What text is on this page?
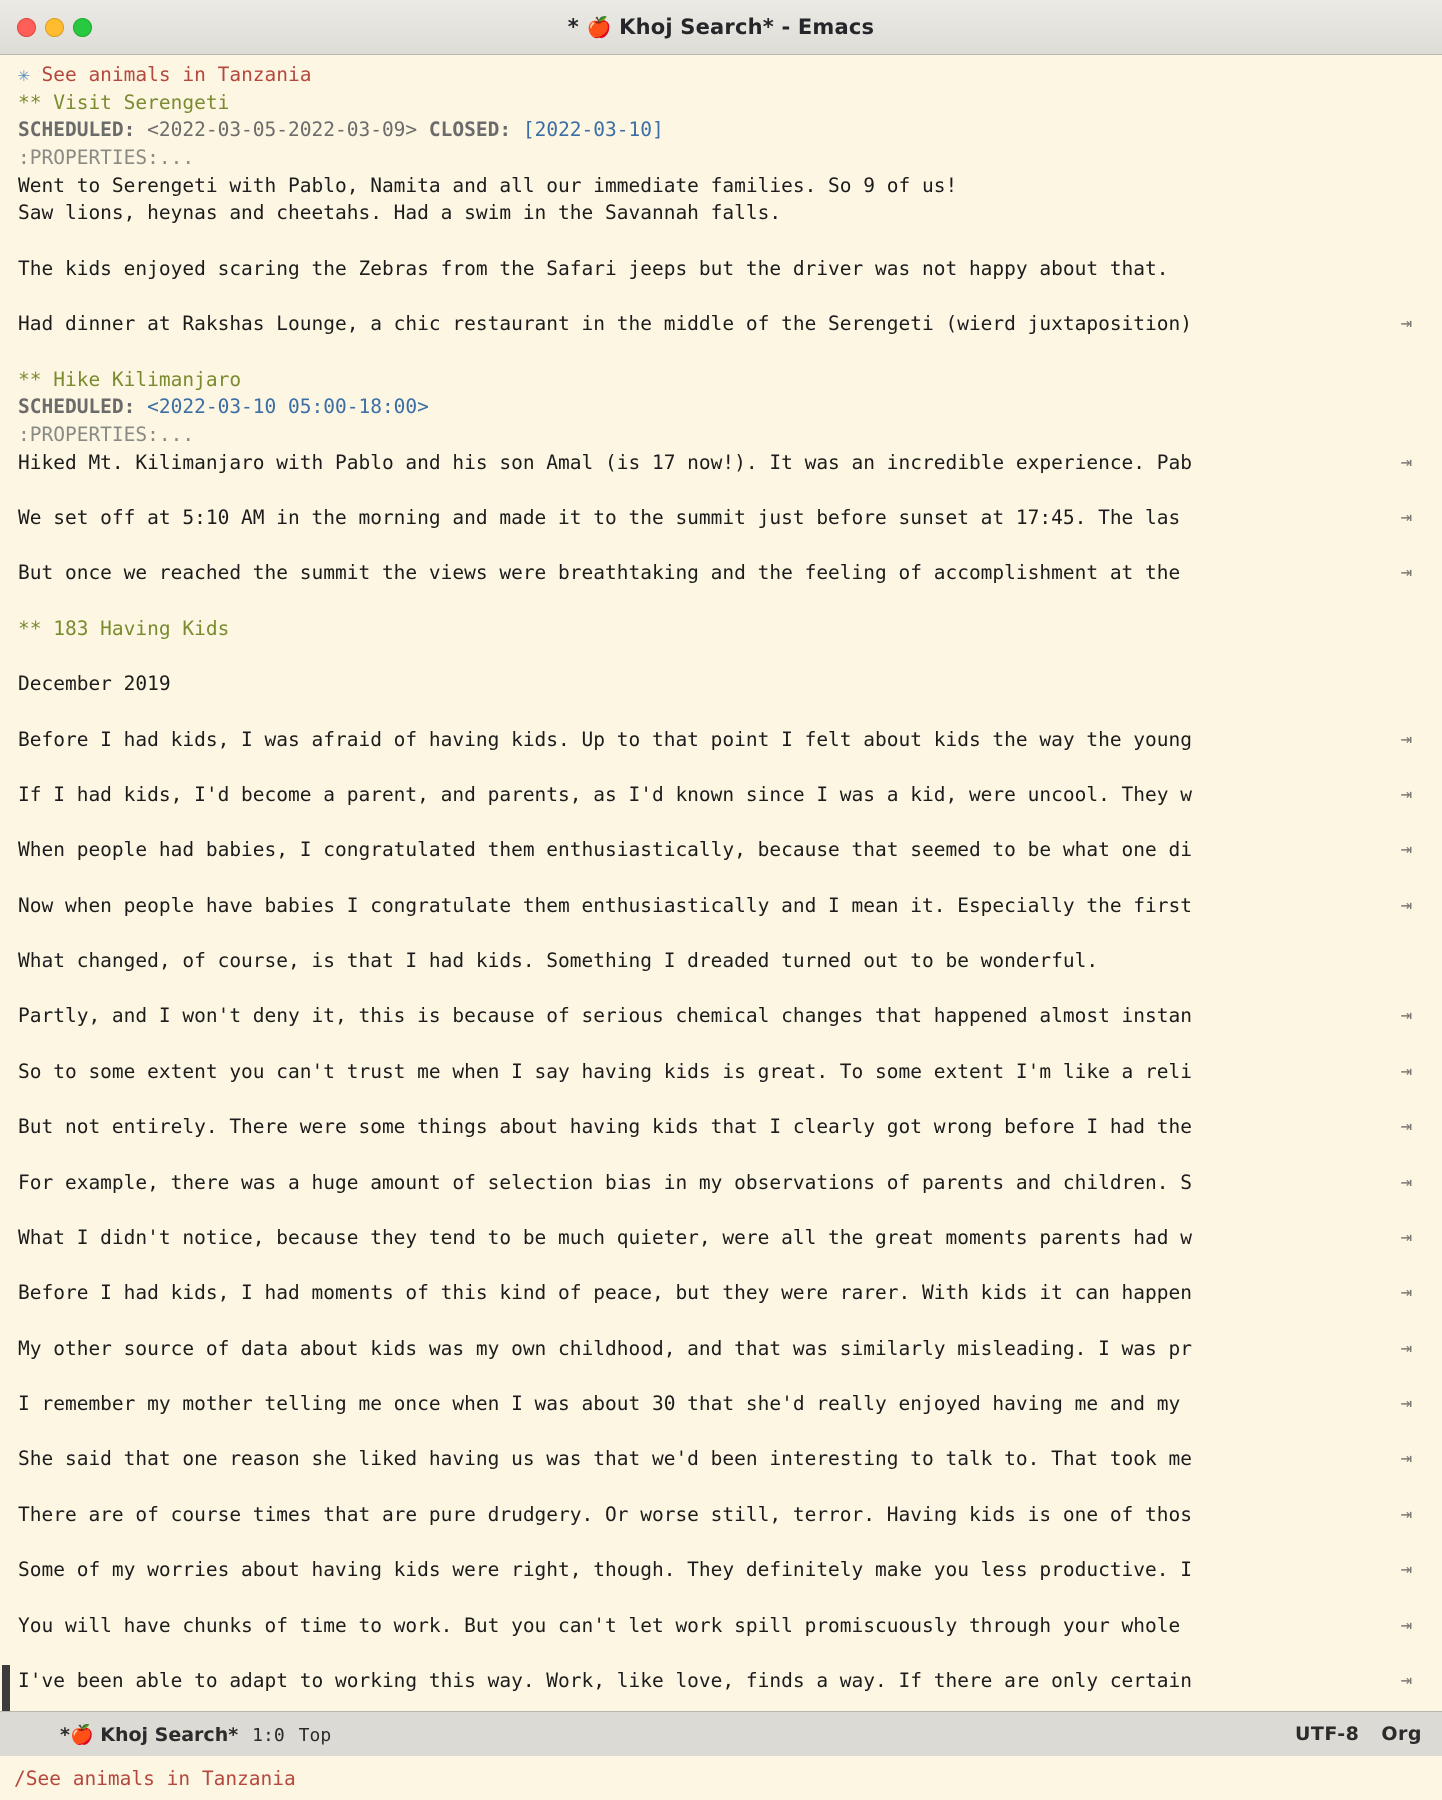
* 🍎 Khoj Search* - Emacs
✳ See animals in Tanzania
** Visit Serengeti
SCHEDULED: <2022-03-05-2022-03-09> CLOSED: [2022-03-10]
:PROPERTIES:...
Went to Serengeti with Pablo, Namita and all our immediate families. So 9 of us!
Saw lions, heynas and cheetahs. Had a swim in the Savannah falls.

The kids enjoyed scaring the Zebras from the Safari jeeps but the driver was not happy about that.

Had dinner at Rakshas Lounge, a chic restaurant in the middle of the Serengeti (wierd juxtaposition)	⇥

** Hike Kilimanjaro
SCHEDULED: <2022-03-10 05:00-18:00>
:PROPERTIES:...
Hiked Mt. Kilimanjaro with Pablo and his son Amal (is 17 now!). It was an incredible experience. Pab	⇥

We set off at 5:10 AM in the morning and made it to the summit just before sunset at 17:45. The las	⇥

But once we reached the summit the views were breathtaking and the feeling of accomplishment at the	⇥

** 183 Having Kids

December 2019

Before I had kids, I was afraid of having kids. Up to that point I felt about kids the way the young	⇥

If I had kids, I'd become a parent, and parents, as I'd known since I was a kid, were uncool. They w	⇥

When people had babies, I congratulated them enthusiastically, because that seemed to be what one di	⇥

Now when people have babies I congratulate them enthusiastically and I mean it. Especially the first	⇥

What changed, of course, is that I had kids. Something I dreaded turned out to be wonderful.

Partly, and I won't deny it, this is because of serious chemical changes that happened almost instan	⇥

So to some extent you can't trust me when I say having kids is great. To some extent I'm like a reli	⇥

But not entirely. There were some things about having kids that I clearly got wrong before I had the	⇥

For example, there was a huge amount of selection bias in my observations of parents and children. S	⇥

What I didn't notice, because they tend to be much quieter, were all the great moments parents had w	⇥

Before I had kids, I had moments of this kind of peace, but they were rarer. With kids it can happen	⇥

My other source of data about kids was my own childhood, and that was similarly misleading. I was pr	⇥

I remember my mother telling me once when I was about 30 that she'd really enjoyed having me and my	⇥

She said that one reason she liked having us was that we'd been interesting to talk to. That took me	⇥

There are of course times that are pure drudgery. Or worse still, terror. Having kids is one of thos	⇥

Some of my worries about having kids were right, though. They definitely make you less productive. I	⇥

You will have chunks of time to work. But you can't let work spill promiscuously through your whole	⇥

I've been able to adapt to working this way. Work, like love, finds a way. If there are only certain	⇥
*🍎 Khoj Search* 1:0 Top	UTF-8 Org
/See animals in Tanzania
